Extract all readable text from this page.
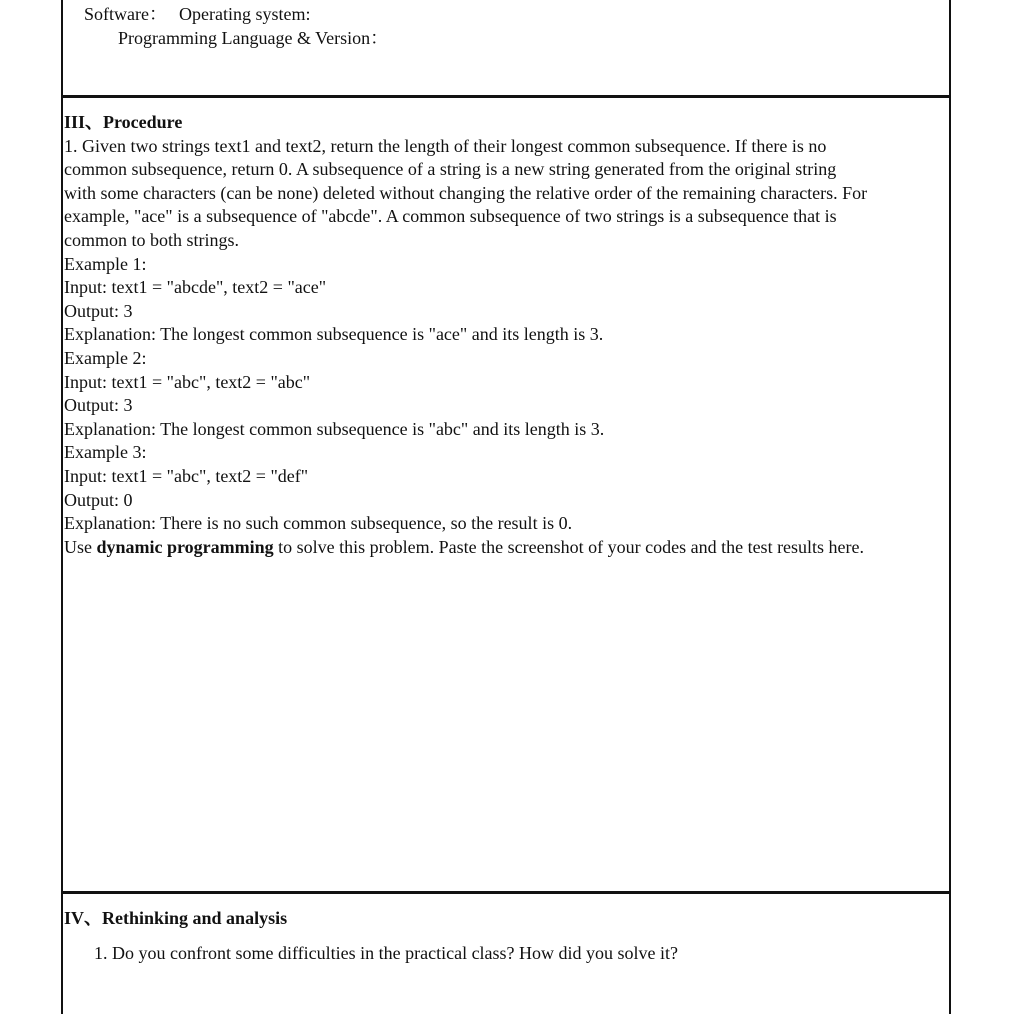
Software： Operating system:
Programming Language & Version：
III、Procedure
1. Given two strings text1 and text2, return the length of their longest common subsequence. If there is no
common subsequence, return 0. A subsequence of a string is a new string generated from the original string
with some characters (can be none) deleted without changing the relative order of the remaining characters. For
example, "ace" is a subsequence of "abcde". A common subsequence of two strings is a subsequence that is
common to both strings.
Example 1:
Input: text1 = "abcde", text2 = "ace"
Output: 3
Explanation: The longest common subsequence is "ace" and its length is 3.
Example 2:
Input: text1 = "abc", text2 = "abc"
Output: 3
Explanation: The longest common subsequence is "abc" and its length is 3.
Example 3:
Input: text1 = "abc", text2 = "def"
Output: 0
Explanation: There is no such common subsequence, so the result is 0.
Use dynamic programming to solve this problem. Paste the screenshot of your codes and the test results here.
IV、Rethinking and analysis
1. Do you confront some difficulties in the practical class? How did you solve it?
